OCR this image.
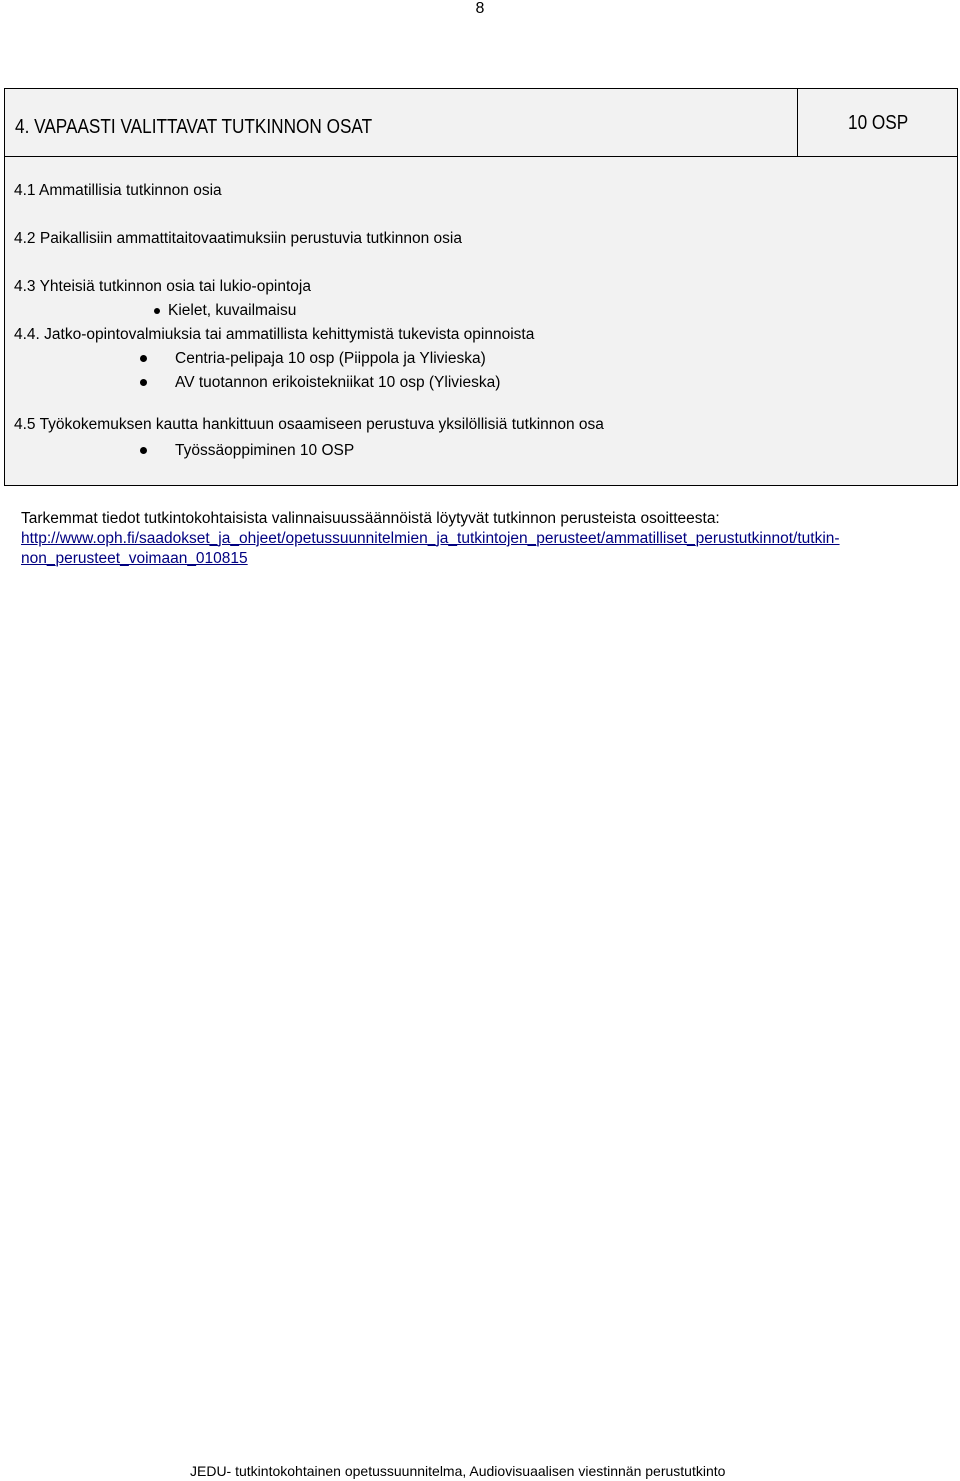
8
4. VAPAASTI VALITTAVAT TUTKINNON OSAT	10 OSP
4.1 Ammatillisia tutkinnon osia
4.2 Paikallisiin ammattitaitovaatimuksiin perustuvia tutkinnon osia
4.3 Yhteisiä tutkinnon osia tai lukio-opintoja
Kielet, kuvailmaisu
4.4. Jatko-opintovalmiuksia tai ammatillista kehittymistä tukevista opinnoista
Centria-pelipaja 10 osp (Piippola ja Ylivieska)
AV tuotannon erikoistekniikat 10 osp (Ylivieska)
4.5 Työkokemuksen kautta hankittuun osaamiseen perustuva yksilöllisiä tutkinnon osa
Työssäoppiminen 10 OSP
Tarkemmat tiedot tutkintokohtaisista valinnaisuussäännöistä löytyvät tutkinnon perusteista osoitteesta:
http://www.oph.fi/saadokset_ja_ohjeet/opetussuunnitelmien_ja_tutkintojen_perusteet/ammatilliset_perustutkinnot/tutkin-
non_perusteet_voimaan_010815
JEDU- tutkintokohtainen opetussuunnitelma, Audiovisuaalisen viestinnän perustutkinto
